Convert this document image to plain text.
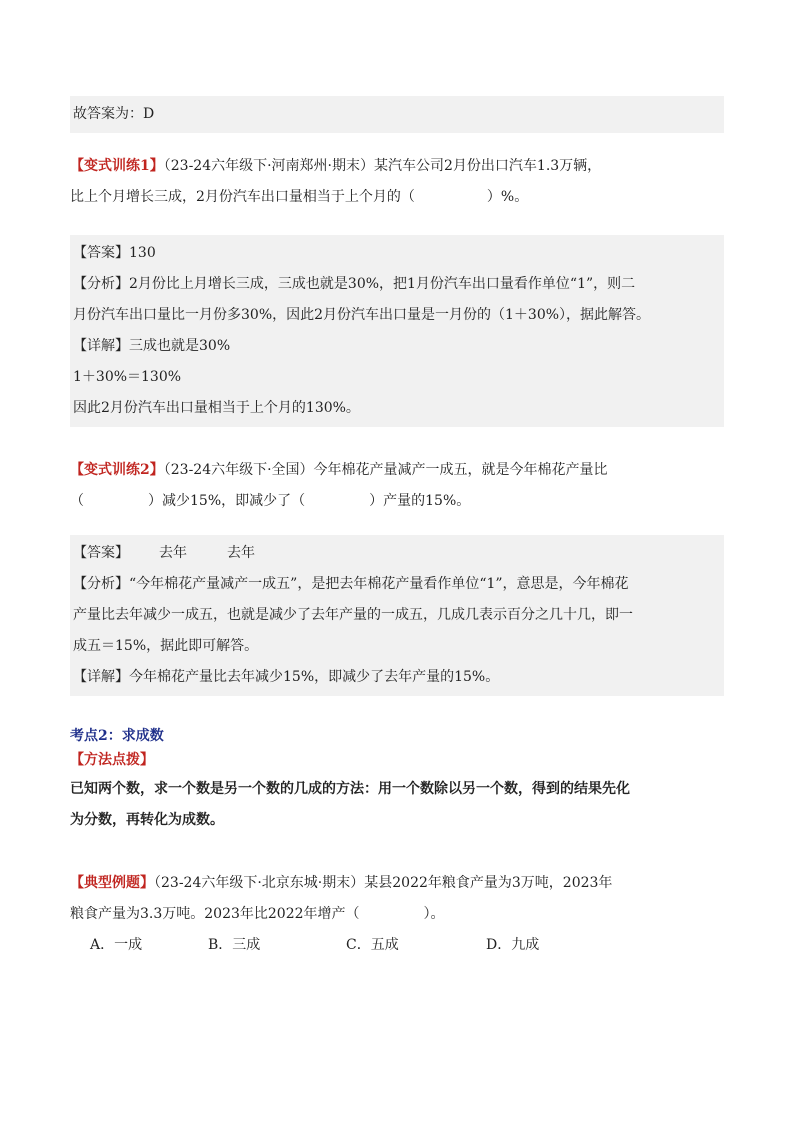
故答案为：D
【变式训练1】（23-24六年级下·河南郑州·期末）某汽车公司2月份出口汽车1.3万辆，
比上个月增长三成，2月份汽车出口量相当于上个月的（	）%。
【答案】130
【分析】2月份比上月增长三成，三成也就是30%，把1月份汽车出口量看作单位“1”，则二
月份汽车出口量比一月份多30%，因此2月份汽车出口量是一月份的（1＋30%），据此解答。
【详解】三成也就是30%
1＋30%＝130%
因此2月份汽车出口量相当于上个月的130%。
【变式训练2】（23-24六年级下·全国）今年棉花产量减产一成五，就是今年棉花产量比
（	）减少15%，即减少了（	）产量的15%。
【答案】 去年	去年
【分析】“今年棉花产量减产一成五”，是把去年棉花产量看作单位“1”，意思是，今年棉花
产量比去年减少一成五，也就是减少了去年产量的一成五，几成几表示百分之几十几，即一
成五＝15%，据此即可解答。
【详解】今年棉花产量比去年减少15%，即减少了去年产量的15%。
考点2：求成数
【方法点拨】
已知两个数，求一个数是另一个数的几成的方法：用一个数除以另一个数，得到的结果先化
为分数，再转化为成数。
【典型例题】（23-24六年级下·北京东城·期末）某县2022年粮食产量为3万吨，2023年
粮食产量为3.3万吨。2023年比2022年增产（	）。
A．一成	B．三成	C．五成	D．九成
